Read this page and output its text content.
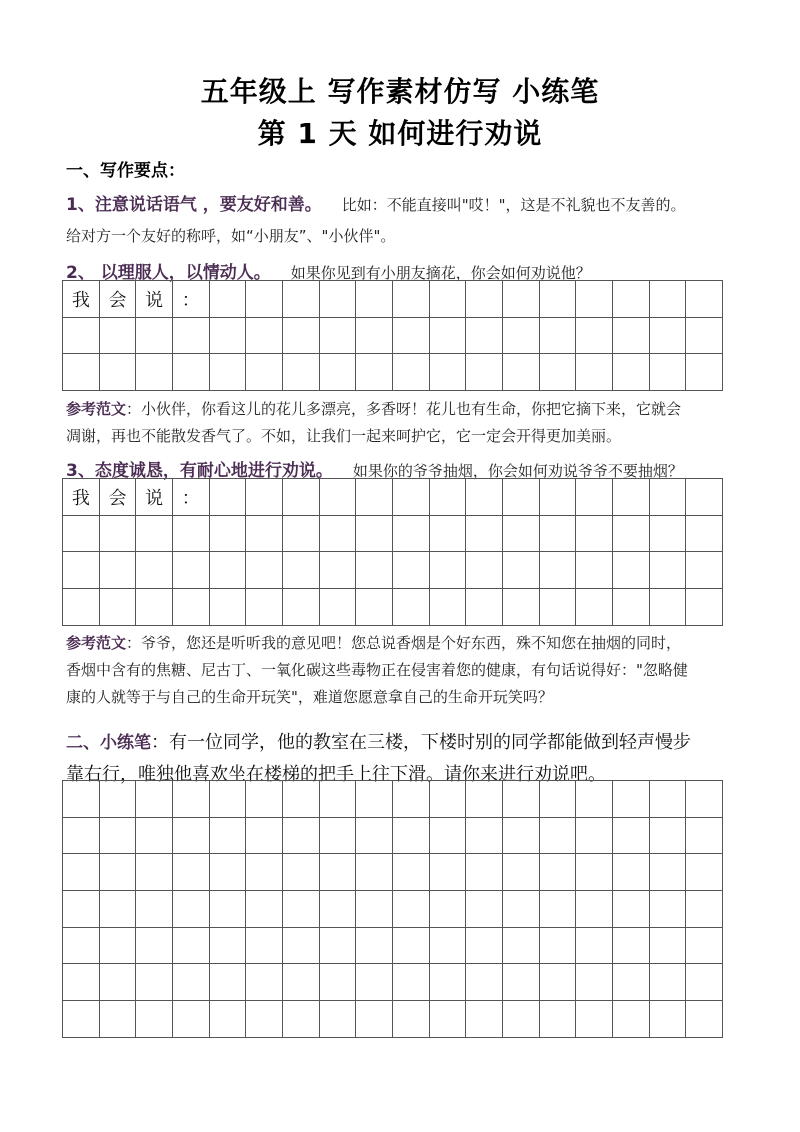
五年级上 写作素材仿写 小练笔
第 1 天 如何进行劝说
一、写作要点：
1、注意说话语气 ，要友好和善。 比如：不能直接叫"哎！"，这是不礼貌也不友善的。
给对方一个友好的称呼，如“小朋友”、"小伙伴"。
2、 以理服人，以情动人。 如果你见到有小朋友摘花，你会如何劝说他？
我	会	说	：
参考范文：小伙伴，你看这儿的花儿多漂亮，多香呀！花儿也有生命，你把它摘下来，它就会
凋谢，再也不能散发香气了。不如，让我们一起来呵护它，它一定会开得更加美丽。
3、态度诚恳，有耐心地进行劝说。 如果你的爷爷抽烟，你会如何劝说爷爷不要抽烟？
我	会	说	：
参考范文：爷爷，您还是听听我的意见吧！您总说香烟是个好东西，殊不知您在抽烟的同时，
香烟中含有的焦糖、尼古丁、一氧化碳这些毒物正在侵害着您的健康，有句话说得好："忽略健
康的人就等于与自己的生命开玩笑"，难道您愿意拿自己的生命开玩笑吗？
二、小练笔：有一位同学，他的教室在三楼，下楼时别的同学都能做到轻声慢步
靠右行，唯独他喜欢坐在楼梯的把手上往下滑。请你来进行劝说吧。
